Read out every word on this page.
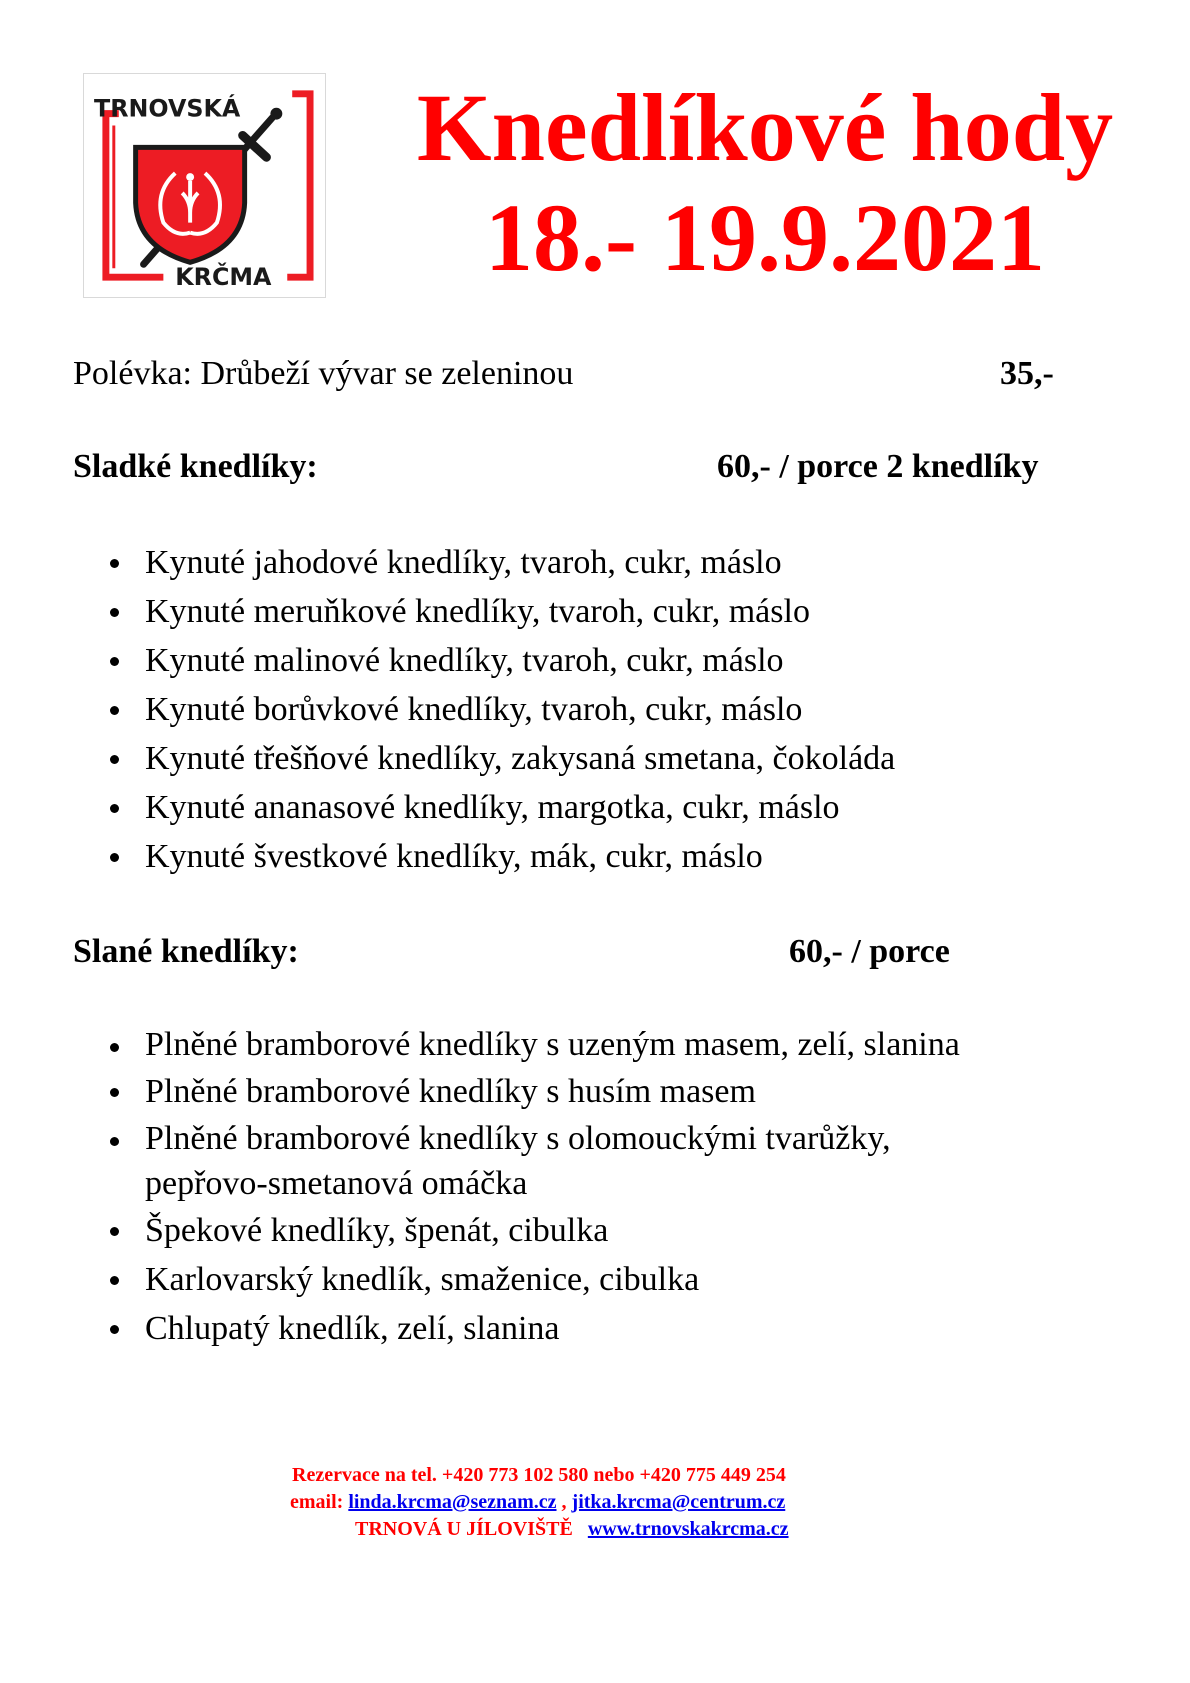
TRNOVSKÁ
KRČMA
Knedlíkové hody
18.- 19.9.2021
Polévka: Drůbeží vývar se zeleninou	35,-
Sladké knedlíky:	60,- / porce 2 knedlíky
Kynuté jahodové knedlíky, tvaroh, cukr, máslo
Kynuté meruňkové knedlíky, tvaroh, cukr, máslo
Kynuté malinové knedlíky, tvaroh, cukr, máslo
Kynuté borůvkové knedlíky, tvaroh, cukr, máslo
Kynuté třešňové knedlíky, zakysaná smetana, čokoláda
Kynuté ananasové knedlíky, margotka, cukr, máslo
Kynuté švestkové knedlíky, mák, cukr, máslo
Slané knedlíky:	60,- / porce
Plněné bramborové knedlíky s uzeným masem, zelí, slanina
Plněné bramborové knedlíky s husím masem
Plněné bramborové knedlíky s olomouckými tvarůžky, pepřovo-smetanová omáčka
Špekové knedlíky, špenát, cibulka
Karlovarský knedlík, smaženice, cibulka
Chlupatý knedlík, zelí, slanina
Rezervace na tel. +420 773 102 580 nebo +420 775 449 254
email: linda.krcma@seznam.cz , jitka.krcma@centrum.cz
TRNOVÁ U JÍLOVIŠTĚ www.trnovskakrcma.cz
